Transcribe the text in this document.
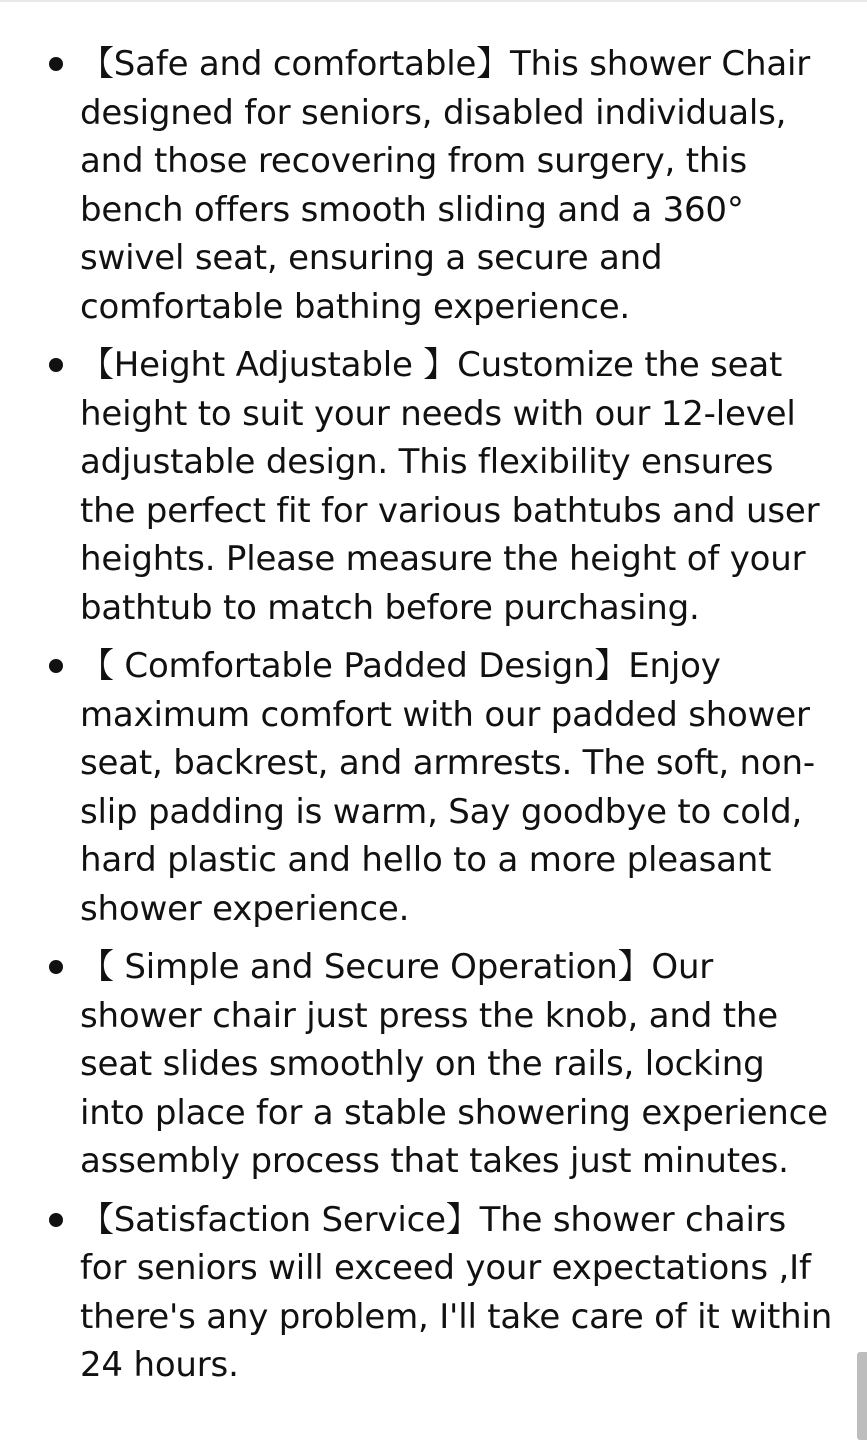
【Safe and comfortable】This shower Chair designed for seniors, disabled individuals, and those recovering from surgery, this bench offers smooth sliding and a 360° swivel seat, ensuring a secure and comfortable bathing experience.
【Height Adjustable 】Customize the seat height to suit your needs with our 12-level adjustable design. This flexibility ensures the perfect fit for various bathtubs and user heights. Please measure the height of your bathtub to match before purchasing.
【 Comfortable Padded Design】Enjoy maximum comfort with our padded shower seat, backrest, and armrests. The soft, non-slip padding is warm, Say goodbye to cold, hard plastic and hello to a more pleasant shower experience.
【 Simple and Secure Operation】Our shower chair just press the knob, and the seat slides smoothly on the rails, locking into place for a stable showering experience assembly process that takes just minutes.
【Satisfaction Service】The shower chairs for seniors will exceed your expectations ,If there's any problem, I'll take care of it within 24 hours.
